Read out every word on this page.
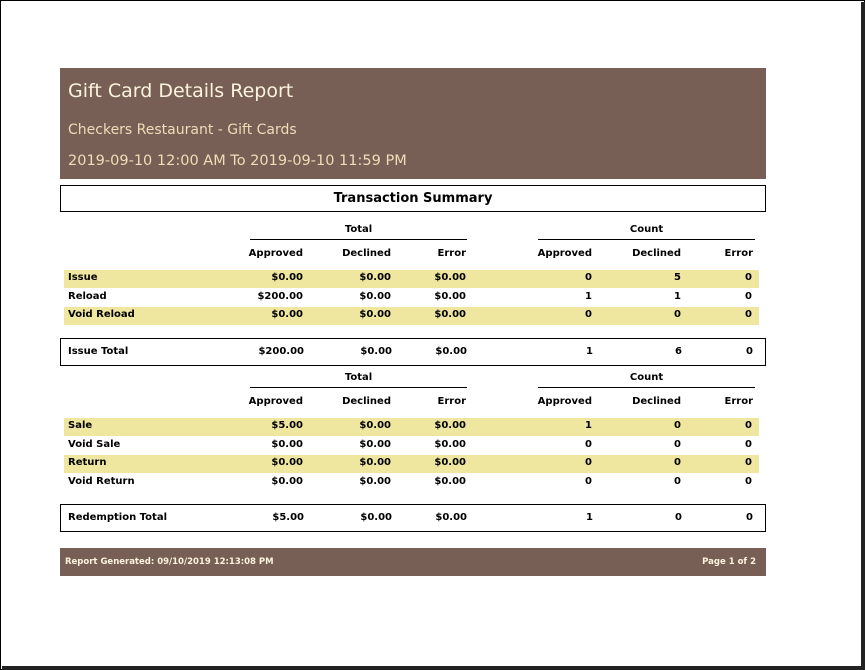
Gift Card Details Report
Checkers Restaurant - Gift Cards
2019-09-10 12:00 AM To 2019-09-10 11:59 PM
Transaction Summary
Total	Count
Approved	Declined	Error	Approved	Declined	Error
Issue	$0.00	$0.00	$0.00	0	5	0
Reload	$200.00	$0.00	$0.00	1	1	0
Void Reload	$0.00	$0.00	$0.00	0	0	0
Issue Total	$200.00	$0.00	$0.00	1	6	0
Total	Count
Approved	Declined	Error	Approved	Declined	Error
Sale	$5.00	$0.00	$0.00	1	0	0
Void Sale	$0.00	$0.00	$0.00	0	0	0
Return	$0.00	$0.00	$0.00	0	0	0
Void Return	$0.00	$0.00	$0.00	0	0	0
Redemption Total	$5.00	$0.00	$0.00	1	0	0
Report Generated: 09/10/2019 12:13:08 PM	Page 1 of 2
